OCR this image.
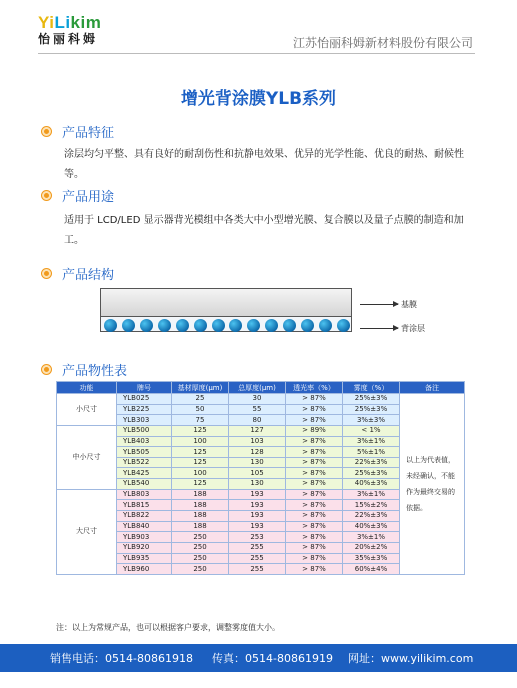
YiLikim
怡丽科姆	江苏怡丽科姆新材料股份有限公司
增光背涂膜YLB系列
产品特征
涂层均匀平整、具有良好的耐刮伤性和抗静电效果、优异的光学性能、优良的耐热、耐候性等。
产品用途
适用于 LCD/LED 显示器背光模组中各类大中小型增光膜、复合膜以及量子点膜的制造和加工。
产品结构
基膜
背涂层
产品物性表
功能	牌号	基材厚度(μm)	总厚度(μm)	透光率（%）	雾度（%）	备注
小尺寸	YLB025	25	30	> 87%	25%±3%	以上为代表值，未经确认，不能作为最终交易的依据。
	YLB225	50	55	> 87%	25%±3%	
	YLB303	75	80	> 87%	3%±3%	
中小尺寸	YLB500	125	127	> 89%	< 1%	
	YLB403	100	103	> 87%	3%±1%	
	YLB505	125	128	> 87%	5%±1%	
	YLB522	125	130	> 87%	22%±3%	
	YLB425	100	105	> 87%	25%±3%	
	YLB540	125	130	> 87%	40%±3%	
大尺寸	YLB803	188	193	> 87%	3%±1%	
	YLB815	188	193	> 87%	15%±2%	
	YLB822	188	193	> 87%	22%±3%	
	YLB840	188	193	> 87%	40%±3%	
	YLB903	250	253	> 87%	3%±1%	
	YLB920	250	255	> 87%	20%±2%	
	YLB935	250	255	> 87%	35%±3%	
	YLB960	250	255	> 87%	60%±4%	
注：以上为常规产品，也可以根据客户要求，调整雾度值大小。
销售电话：0514-80861918 传真：0514-80861919 网址：www.yilikim.com
